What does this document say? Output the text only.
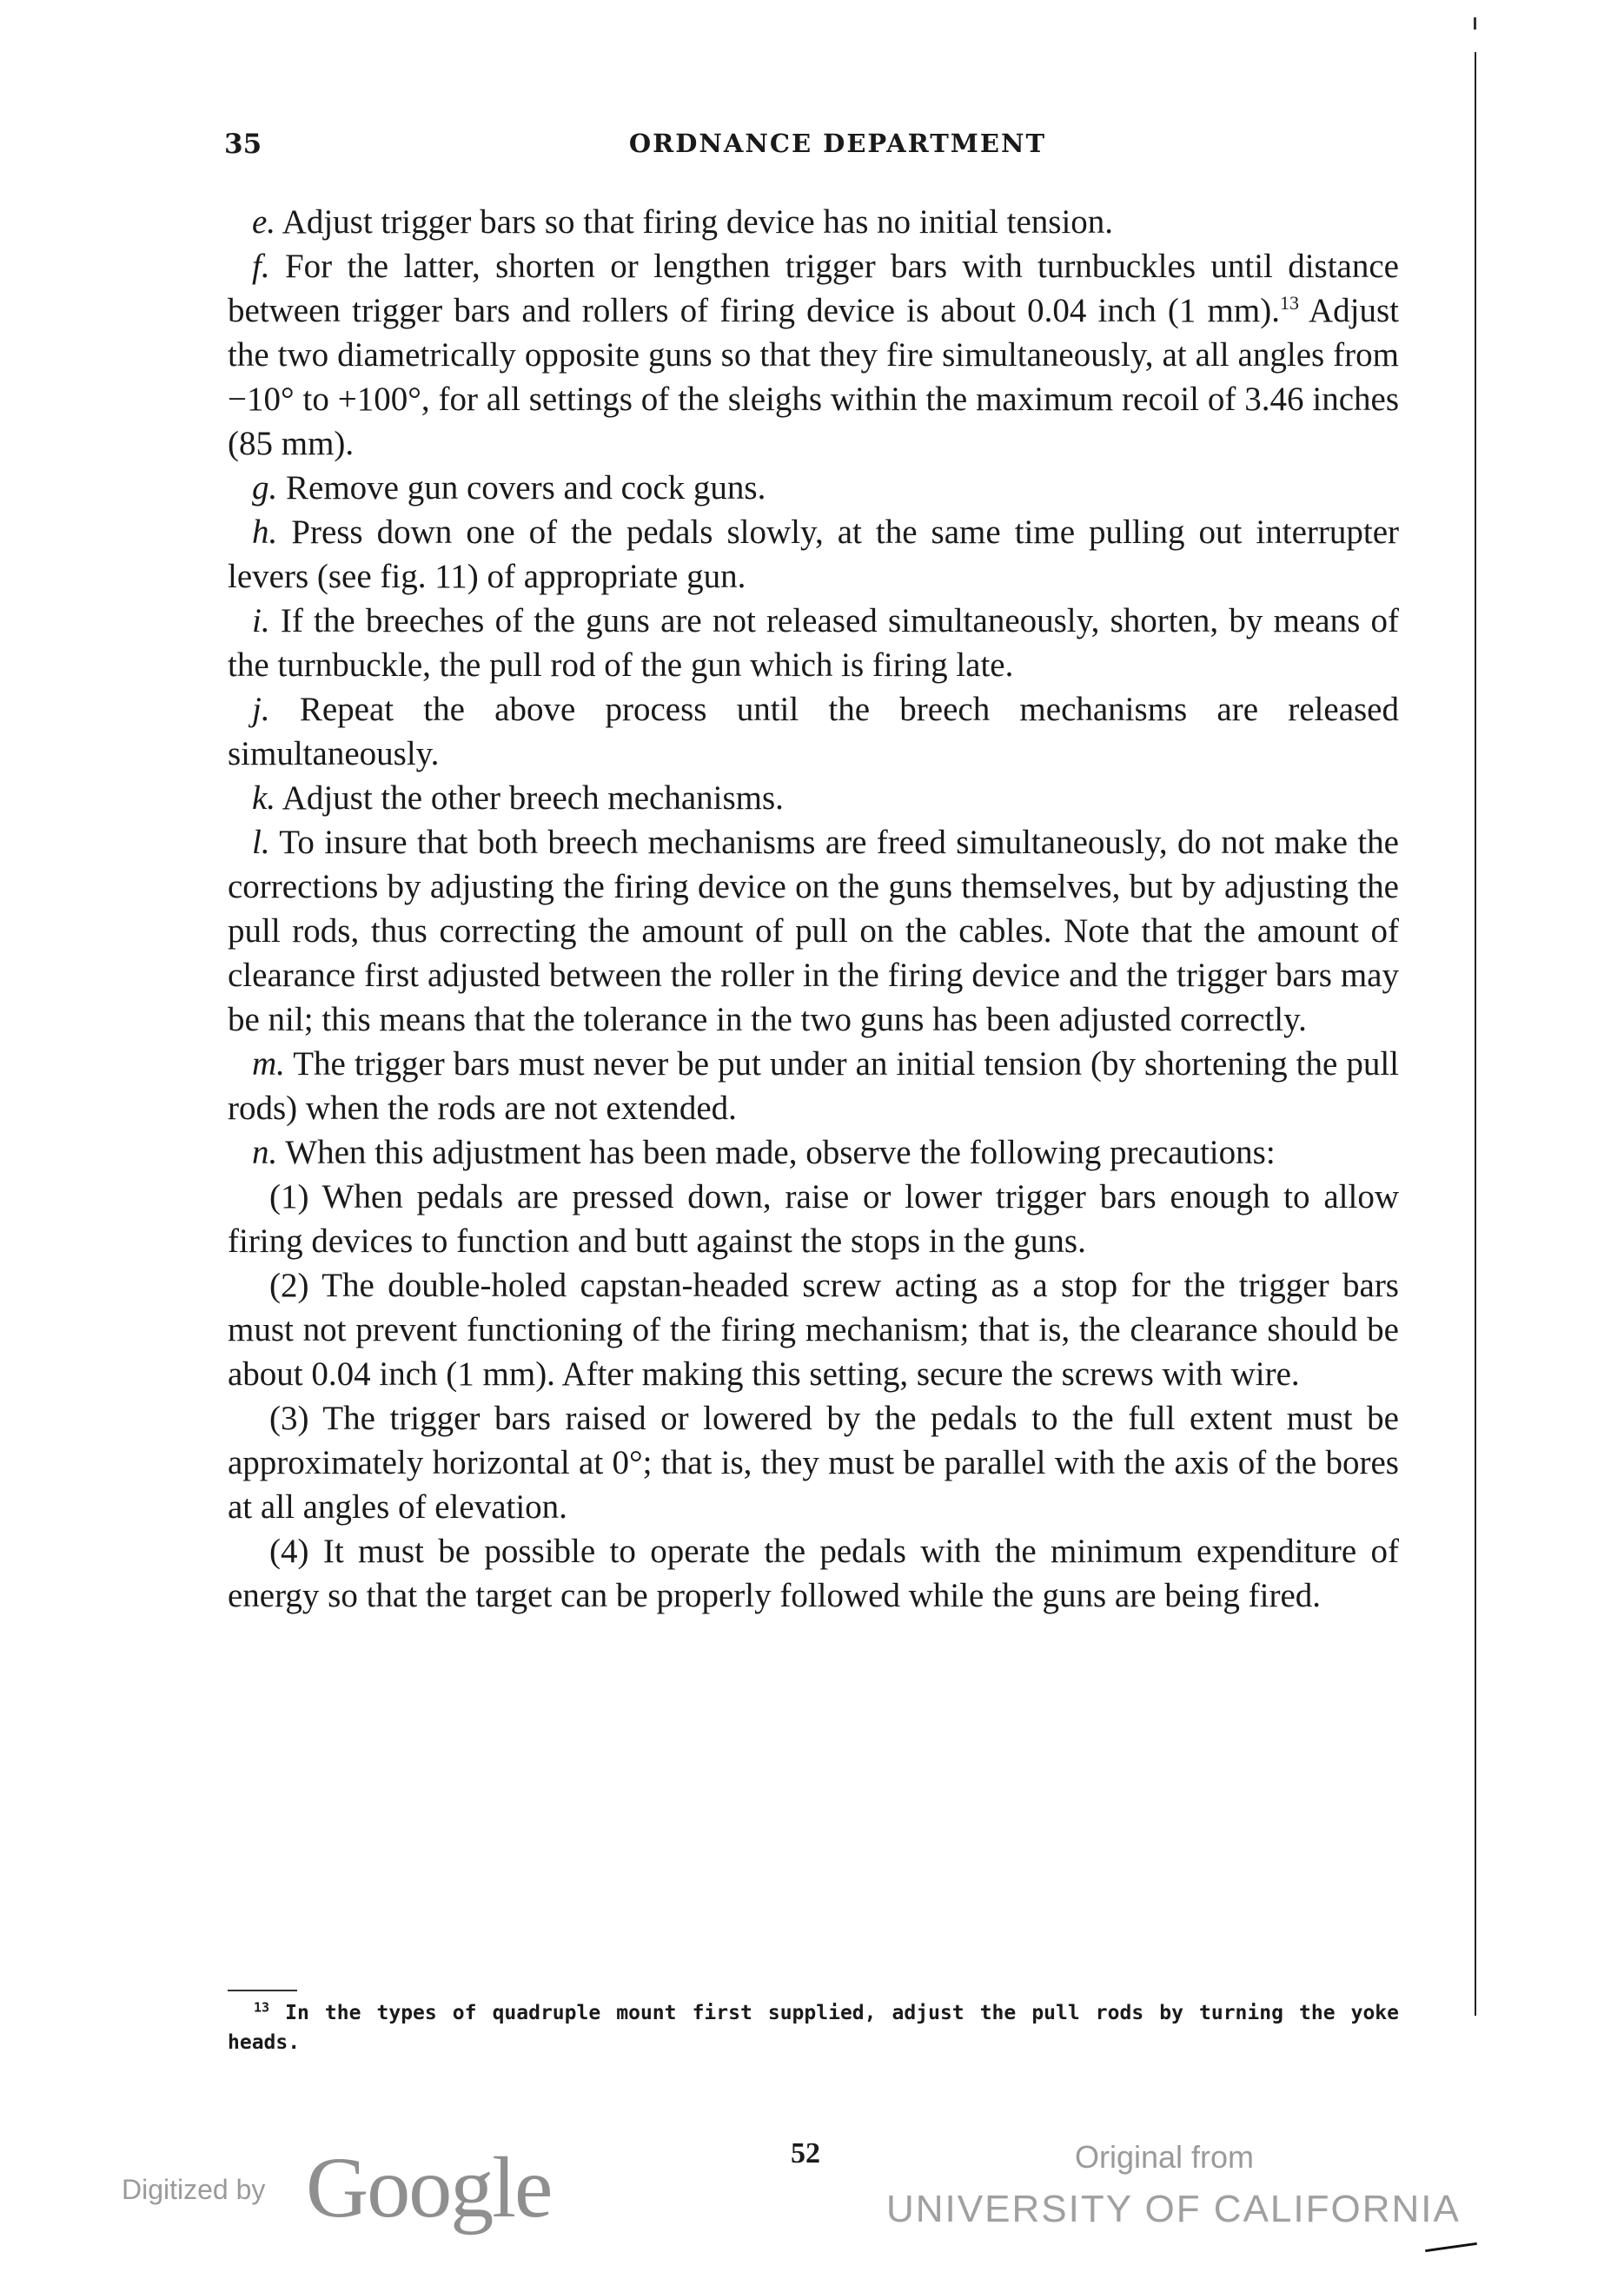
35	ORDNANCE DEPARTMENT

e. Adjust trigger bars so that firing device has no initial tension.

f. For the latter, shorten or lengthen trigger bars with turnbuckles until distance between trigger bars and rollers of firing device is about 0.04 inch (1 mm).$^{13}$ Adjust the two diametrically opposite guns so that they fire simultaneously, at all angles from −10° to +100°, for all settings of the sleighs within the maximum recoil of 3.46 inches (85 mm).

g. Remove gun covers and cock guns.

h. Press down one of the pedals slowly, at the same time pulling out interrupter levers (see fig. 11) of appropriate gun.

i. If the breeches of the guns are not released simultaneously, shorten, by means of the turnbuckle, the pull rod of the gun which is firing late.

j. Repeat the above process until the breech mechanisms are released simultaneously.

k. Adjust the other breech mechanisms.

l. To insure that both breech mechanisms are freed simultaneously, do not make the corrections by adjusting the firing device on the guns themselves, but by adjusting the pull rods, thus correcting the amount of pull on the cables. Note that the amount of clearance first adjusted between the roller in the firing device and the trigger bars may be nil; this means that the tolerance in the two guns has been adjusted correctly.

m. The trigger bars must never be put under an initial tension (by shortening the pull rods) when the rods are not extended.

n. When this adjustment has been made, observe the following precautions:

(1) When pedals are pressed down, raise or lower trigger bars enough to allow firing devices to function and butt against the stops in the guns.

(2) The double-holed capstan-headed screw acting as a stop for the trigger bars must not prevent functioning of the firing mechanism; that is, the clearance should be about 0.04 inch (1 mm). After making this setting, secure the screws with wire.

(3) The trigger bars raised or lowered by the pedals to the full extent must be approximately horizontal at 0°; that is, they must be parallel with the axis of the bores at all angles of elevation.

(4) It must be possible to operate the pedals with the minimum expenditure of energy so that the target can be properly followed while the guns are being fired.

$^{13}$ In the types of quadruple mount first supplied, adjust the pull rods by turning the yoke heads.
Digitized by Google	52	Original from
UNIVERSITY OF CALIFORNIA
